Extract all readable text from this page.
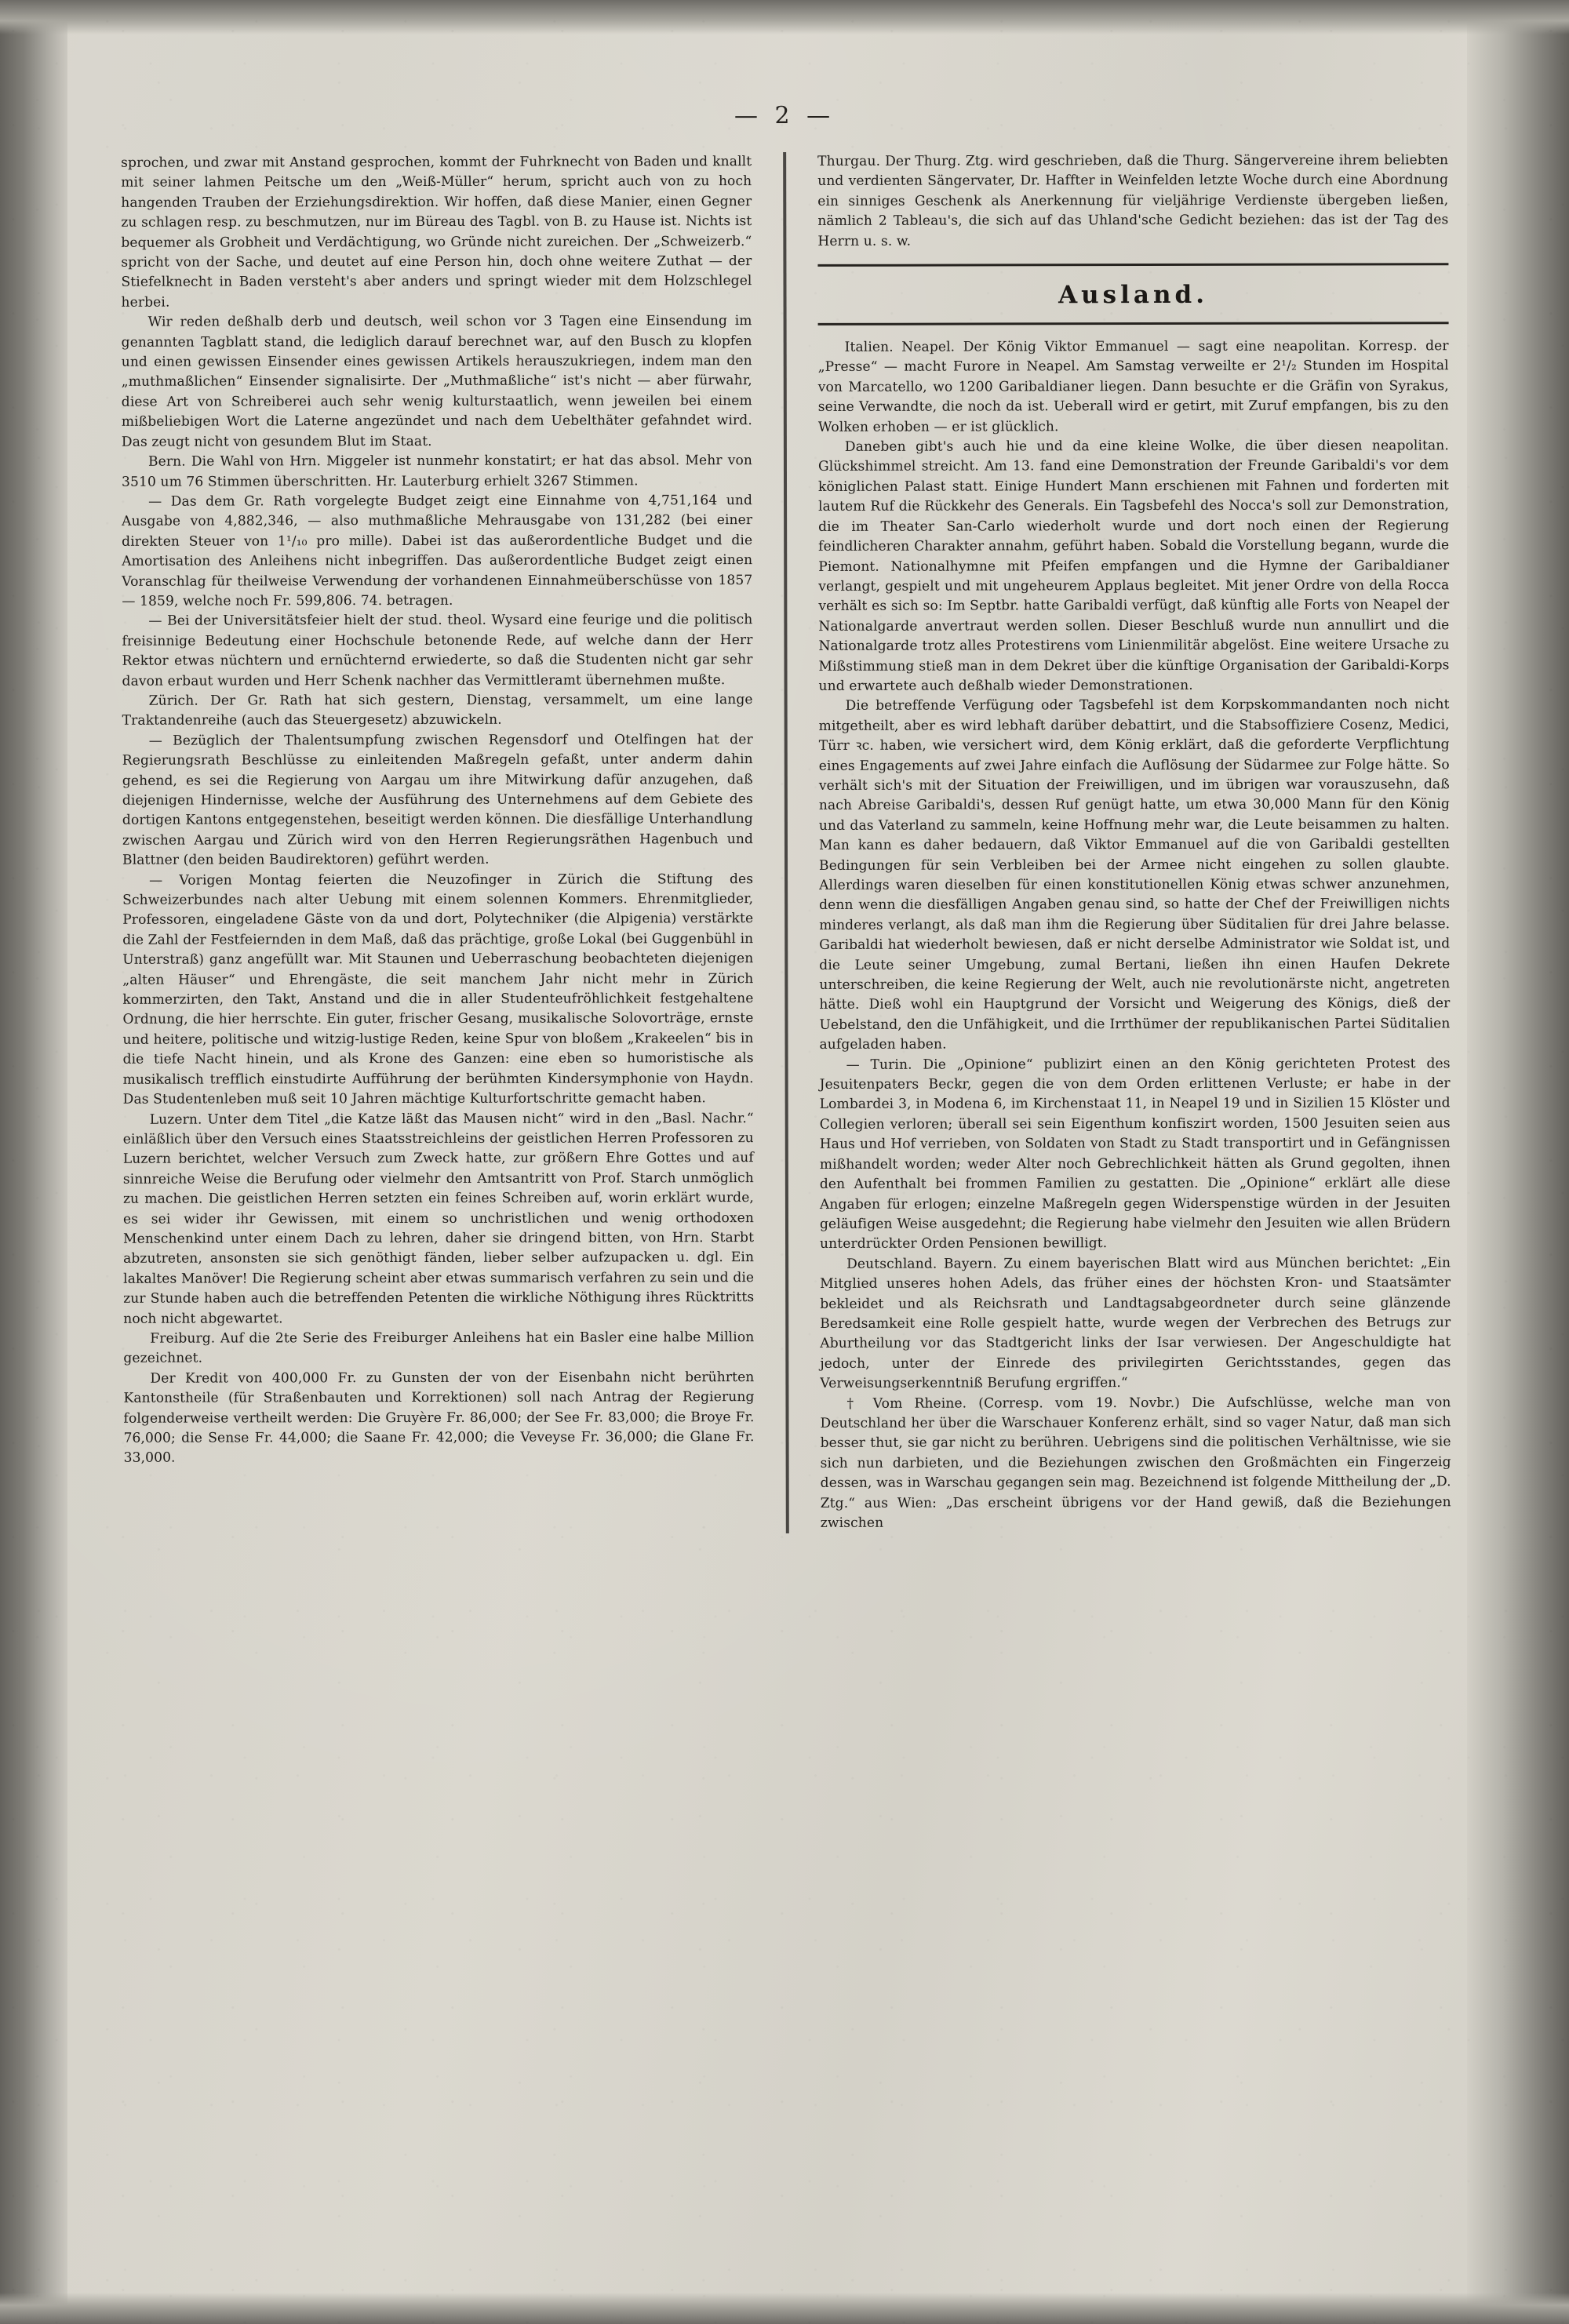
— 2 —

sprochen, und zwar mit Anstand gesprochen, kommt der Fuhrknecht von Baden und knallt mit seiner lahmen Peitsche um den „Weiß-Müller“ herum, spricht auch von zu hoch hangenden Trauben der Erziehungsdirektion. Wir hoffen, daß diese Manier, einen Gegner zu schlagen resp. zu beschmutzen, nur im Büreau des Tagbl. von B. zu Hause ist. Nichts ist bequemer als Grobheit und Verdächtigung, wo Gründe nicht zureichen. Der „Schweizerb.“ spricht von der Sache, und deutet auf eine Person hin, doch ohne weitere Zuthat — der Stiefelknecht in Baden versteht's aber anders und springt wieder mit dem Holzschlegel herbei.

Wir reden deßhalb derb und deutsch, weil schon vor 3 Tagen eine Einsendung im genannten Tagblatt stand, die lediglich darauf berechnet war, auf den Busch zu klopfen und einen gewissen Einsender eines gewissen Artikels herauszukriegen, indem man den „muthmaßlichen“ Einsender signalisirte. Der „Muthmaßliche“ ist's nicht — aber fürwahr, diese Art von Schreiberei auch sehr wenig kulturstaatlich, wenn jeweilen bei einem mißbeliebigen Wort die Laterne angezündet und nach dem Uebelthäter gefahndet wird. Das zeugt nicht von gesundem Blut im Staat.

Bern. Die Wahl von Hrn. Miggeler ist nunmehr konstatirt; er hat das absol. Mehr von 3510 um 76 Stimmen überschritten. Hr. Lauterburg erhielt 3267 Stimmen.

— Das dem Gr. Rath vorgelegte Budget zeigt eine Einnahme von 4,751,164 und Ausgabe von 4,882,346, — also muthmaßliche Mehrausgabe von 131,282 (bei einer direkten Steuer von 1¹/₁₀ pro mille). Dabei ist das außerordentliche Budget und die Amortisation des Anleihens nicht inbegriffen. Das außerordentliche Budget zeigt einen Voranschlag für theilweise Verwendung der vorhandenen Einnahmeüberschüsse von 1857 — 1859, welche noch Fr. 599,806. 74. betragen.

— Bei der Universitätsfeier hielt der stud. theol. Wysard eine feurige und die politisch freisinnige Bedeutung einer Hochschule betonende Rede, auf welche dann der Herr Rektor etwas nüchtern und ernüchternd erwiederte, so daß die Studenten nicht gar sehr davon erbaut wurden und Herr Schenk nachher das Vermittleramt übernehmen mußte.

Zürich. Der Gr. Rath hat sich gestern, Dienstag, versammelt, um eine lange Traktandenreihe (auch das Steuergesetz) abzuwickeln.

— Bezüglich der Thalentsumpfung zwischen Regensdorf und Otelfingen hat der Regierungsrath Beschlüsse zu einleitenden Maßregeln gefaßt, unter anderm dahin gehend, es sei die Regierung von Aargau um ihre Mitwirkung dafür anzugehen, daß diejenigen Hindernisse, welche der Ausführung des Unternehmens auf dem Gebiete des dortigen Kantons entgegenstehen, beseitigt werden können. Die diesfällige Unterhandlung zwischen Aargau und Zürich wird von den Herren Regierungsräthen Hagenbuch und Blattner (den beiden Baudirektoren) geführt werden.

— Vorigen Montag feierten die Neuzofinger in Zürich die Stiftung des Schweizerbundes nach alter Uebung mit einem solennen Kommers. Ehrenmitglieder, Professoren, eingeladene Gäste von da und dort, Polytechniker (die Alpigenia) verstärkte die Zahl der Festfeiernden in dem Maß, daß das prächtige, große Lokal (bei Guggenbühl in Unterstraß) ganz angefüllt war. Mit Staunen und Ueberraschung beobachteten diejenigen „alten Häuser“ und Ehrengäste, die seit manchem Jahr nicht mehr in Zürich kommerzirten, den Takt, Anstand und die in aller Studenteufröhlichkeit festgehaltene Ordnung, die hier herrschte. Ein guter, frischer Gesang, musikalische Solovorträge, ernste und heitere, politische und witzig-lustige Reden, keine Spur von bloßem „Krakeelen“ bis in die tiefe Nacht hinein, und als Krone des Ganzen: eine eben so humoristische als musikalisch trefflich einstudirte Aufführung der berühmten Kindersymphonie von Haydn. Das Studentenleben muß seit 10 Jahren mächtige Kulturfortschritte gemacht haben.

Luzern. Unter dem Titel „die Katze läßt das Mausen nicht“ wird in den „Basl. Nachr.“ einläßlich über den Versuch eines Staatsstreichleins der geistlichen Herren Professoren zu Luzern berichtet, welcher Versuch zum Zweck hatte, zur größern Ehre Gottes und auf sinnreiche Weise die Berufung oder vielmehr den Amtsantritt von Prof. Starch unmöglich zu machen. Die geistlichen Herren setzten ein feines Schreiben auf, worin erklärt wurde, es sei wider ihr Gewissen, mit einem so unchristlichen und wenig orthodoxen Menschenkind unter einem Dach zu lehren, daher sie dringend bitten, von Hrn. Starbt abzutreten, ansonsten sie sich genöthigt fänden, lieber selber aufzupacken u. dgl. Ein lakaltes Manöver! Die Regierung scheint aber etwas summarisch verfahren zu sein und die zur Stunde haben auch die betreffenden Petenten die wirkliche Nöthigung ihres Rücktritts noch nicht abgewartet.

Freiburg. Auf die 2te Serie des Freiburger Anleihens hat ein Basler eine halbe Million gezeichnet.

Der Kredit von 400,000 Fr. zu Gunsten der von der Eisenbahn nicht berührten Kantonstheile (für Straßenbauten und Korrektionen) soll nach Antrag der Regierung folgenderweise vertheilt werden: Die Gruyère Fr. 86,000; der See Fr. 83,000; die Broye Fr. 76,000; die Sense Fr. 44,000; die Saane Fr. 42,000; die Veveyse Fr. 36,000; die Glane Fr. 33,000.

Thurgau. Der Thurg. Ztg. wird geschrieben, daß die Thurg. Sängervereine ihrem beliebten und verdienten Sängervater, Dr. Haffter in Weinfelden letzte Woche durch eine Abordnung ein sinniges Geschenk als Anerkennung für vieljährige Verdienste übergeben ließen, nämlich 2 Tableau's, die sich auf das Uhland'sche Gedicht beziehen: das ist der Tag des Herrn u. s. w.

Ausland.

Italien. Neapel. Der König Viktor Emmanuel — sagt eine neapolitan. Korresp. der „Presse“ — macht Furore in Neapel. Am Samstag verweilte er 2¹/₂ Stunden im Hospital von Marcatello, wo 1200 Garibaldianer liegen. Dann besuchte er die Gräfin von Syrakus, seine Verwandte, die noch da ist. Ueberall wird er getirt, mit Zuruf empfangen, bis zu den Wolken erhoben — er ist glücklich.

Daneben gibt's auch hie und da eine kleine Wolke, die über diesen neapolitan. Glückshimmel streicht. Am 13. fand eine Demonstration der Freunde Garibaldi's vor dem königlichen Palast statt. Einige Hundert Mann erschienen mit Fahnen und forderten mit lautem Ruf die Rückkehr des Generals. Ein Tagsbefehl des Nocca's soll zur Demonstration, die im Theater San-Carlo wiederholt wurde und dort noch einen der Regierung feindlicheren Charakter annahm, geführt haben. Sobald die Vorstellung begann, wurde die Piemont. Nationalhymne mit Pfeifen empfangen und die Hymne der Garibaldianer verlangt, gespielt und mit ungeheurem Applaus begleitet. Mit jener Ordre von della Rocca verhält es sich so: Im Septbr. hatte Garibaldi verfügt, daß künftig alle Forts von Neapel der Nationalgarde anvertraut werden sollen. Dieser Beschluß wurde nun annullirt und die Nationalgarde trotz alles Protestirens vom Linienmilitär abgelöst. Eine weitere Ursache zu Mißstimmung stieß man in dem Dekret über die künftige Organisation der Garibaldi-Korps und erwartete auch deßhalb wieder Demonstrationen.

Die betreffende Verfügung oder Tagsbefehl ist dem Korpskommandanten noch nicht mitgetheilt, aber es wird lebhaft darüber debattirt, und die Stabsoffiziere Cosenz, Medici, Türr ꝛc. haben, wie versichert wird, dem König erklärt, daß die geforderte Verpflichtung eines Engagements auf zwei Jahre einfach die Auflösung der Südarmee zur Folge hätte. So verhält sich's mit der Situation der Freiwilligen, und im übrigen war vorauszusehn, daß nach Abreise Garibaldi's, dessen Ruf genügt hatte, um etwa 30,000 Mann für den König und das Vaterland zu sammeln, keine Hoffnung mehr war, die Leute beisammen zu halten. Man kann es daher bedauern, daß Viktor Emmanuel auf die von Garibaldi gestellten Bedingungen für sein Verbleiben bei der Armee nicht eingehen zu sollen glaubte. Allerdings waren dieselben für einen konstitutionellen König etwas schwer anzunehmen, denn wenn die diesfälligen Angaben genau sind, so hatte der Chef der Freiwilligen nichts minderes verlangt, als daß man ihm die Regierung über Süditalien für drei Jahre belasse. Garibaldi hat wiederholt bewiesen, daß er nicht derselbe Administrator wie Soldat ist, und die Leute seiner Umgebung, zumal Bertani, ließen ihn einen Haufen Dekrete unterschreiben, die keine Regierung der Welt, auch nie revolutionärste nicht, angetreten hätte. Dieß wohl ein Hauptgrund der Vorsicht und Weigerung des Königs, dieß der Uebelstand, den die Unfähigkeit, und die Irrthümer der republikanischen Partei Süditalien aufgeladen haben.

— Turin. Die „Opinione“ publizirt einen an den König gerichteten Protest des Jesuitenpaters Beckr, gegen die von dem Orden erlittenen Verluste; er habe in der Lombardei 3, in Modena 6, im Kirchenstaat 11, in Neapel 19 und in Sizilien 15 Klöster und Collegien verloren; überall sei sein Eigenthum konfiszirt worden, 1500 Jesuiten seien aus Haus und Hof verrieben, von Soldaten von Stadt zu Stadt transportirt und in Gefängnissen mißhandelt worden; weder Alter noch Gebrechlichkeit hätten als Grund gegolten, ihnen den Aufenthalt bei frommen Familien zu gestatten. Die „Opinione“ erklärt alle diese Angaben für erlogen; einzelne Maßregeln gegen Widerspenstige würden in der Jesuiten geläufigen Weise ausgedehnt; die Regierung habe vielmehr den Jesuiten wie allen Brüdern unterdrückter Orden Pensionen bewilligt.

Deutschland. Bayern. Zu einem bayerischen Blatt wird aus München berichtet: „Ein Mitglied unseres hohen Adels, das früher eines der höchsten Kron- und Staatsämter bekleidet und als Reichsrath und Landtagsabgeordneter durch seine glänzende Beredsamkeit eine Rolle gespielt hatte, wurde wegen der Verbrechen des Betrugs zur Aburtheilung vor das Stadtgericht links der Isar verwiesen. Der Angeschuldigte hat jedoch, unter der Einrede des privilegirten Gerichtsstandes, gegen das Verweisungserkenntniß Berufung ergriffen.“

† Vom Rheine. (Corresp. vom 19. Novbr.) Die Aufschlüsse, welche man von Deutschland her über die Warschauer Konferenz erhält, sind so vager Natur, daß man sich besser thut, sie gar nicht zu berühren. Uebrigens sind die politischen Verhältnisse, wie sie sich nun darbieten, und die Beziehungen zwischen den Großmächten ein Fingerzeig dessen, was in Warschau gegangen sein mag. Bezeichnend ist folgende Mittheilung der „D. Ztg.“ aus Wien: „Das erscheint übrigens vor der Hand gewiß, daß die Beziehungen zwischen
